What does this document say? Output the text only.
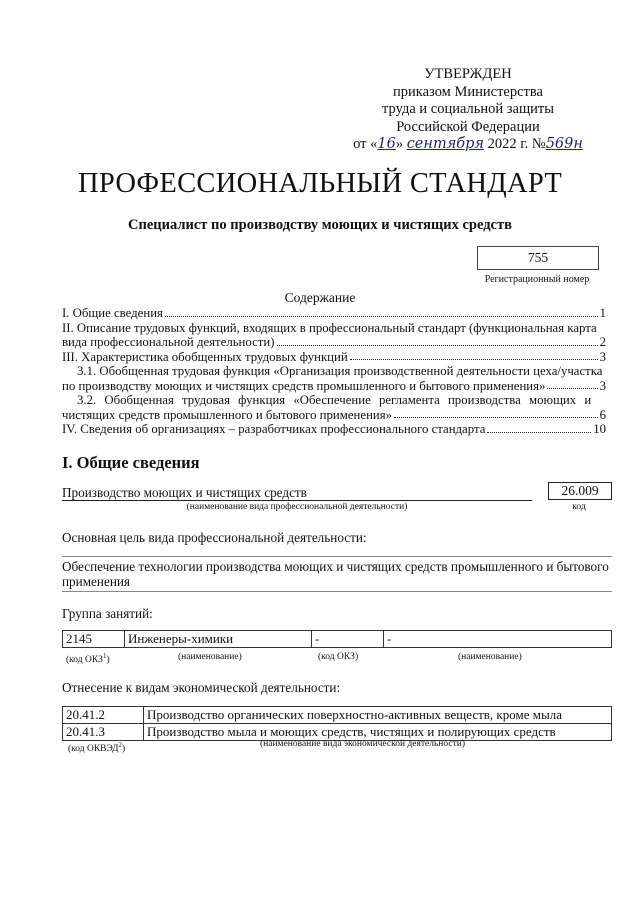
УТВЕРЖДЕН
приказом Министерства
труда и социальной защиты
Российской Федерации
от «16» сентября 2022 г. №569н
ПРОФЕССИОНАЛЬНЫЙ СТАНДАРТ
Специалист по производству моющих и чистящих средств
755
Регистрационный номер
Содержание
I. Общие сведения	1
II. Описание трудовых функций, входящих в профессиональный стандарт (функциональная карта
вида профессиональной деятельности)	2
III. Характеристика обобщенных трудовых функций	3
3.1. Обобщенная трудовая функция «Организация производственной деятельности цеха/участка
по производству моющих и чистящих средств промышленного и бытового применения»	3
3.2. Обобщенная трудовая функция «Обеспечение регламента производства моющих и
чистящих средств промышленного и бытового применения»	6
IV. Сведения об организациях – разработчиках профессионального стандарта	10
I. Общие сведения
Производство моющих и чистящих средств
(наименование вида профессиональной деятельности)
26.009
код
Основная цель вида профессиональной деятельности:
Обеспечение технологии производства моющих и чистящих средств промышленного и бытового
применения
Группа занятий:
2145	Инженеры-химики	-	-
(код ОКЗ$^1$)	(наименование)	(код ОКЗ)	(наименование)
Отнесение к видам экономической деятельности:
20.41.2	Производство органических поверхностно-активных веществ, кроме мыла
20.41.3	Производство мыла и моющих средств, чистящих и полирующих средств
(код ОКВЭД$^2$)
(наименование вида экономической деятельности)
